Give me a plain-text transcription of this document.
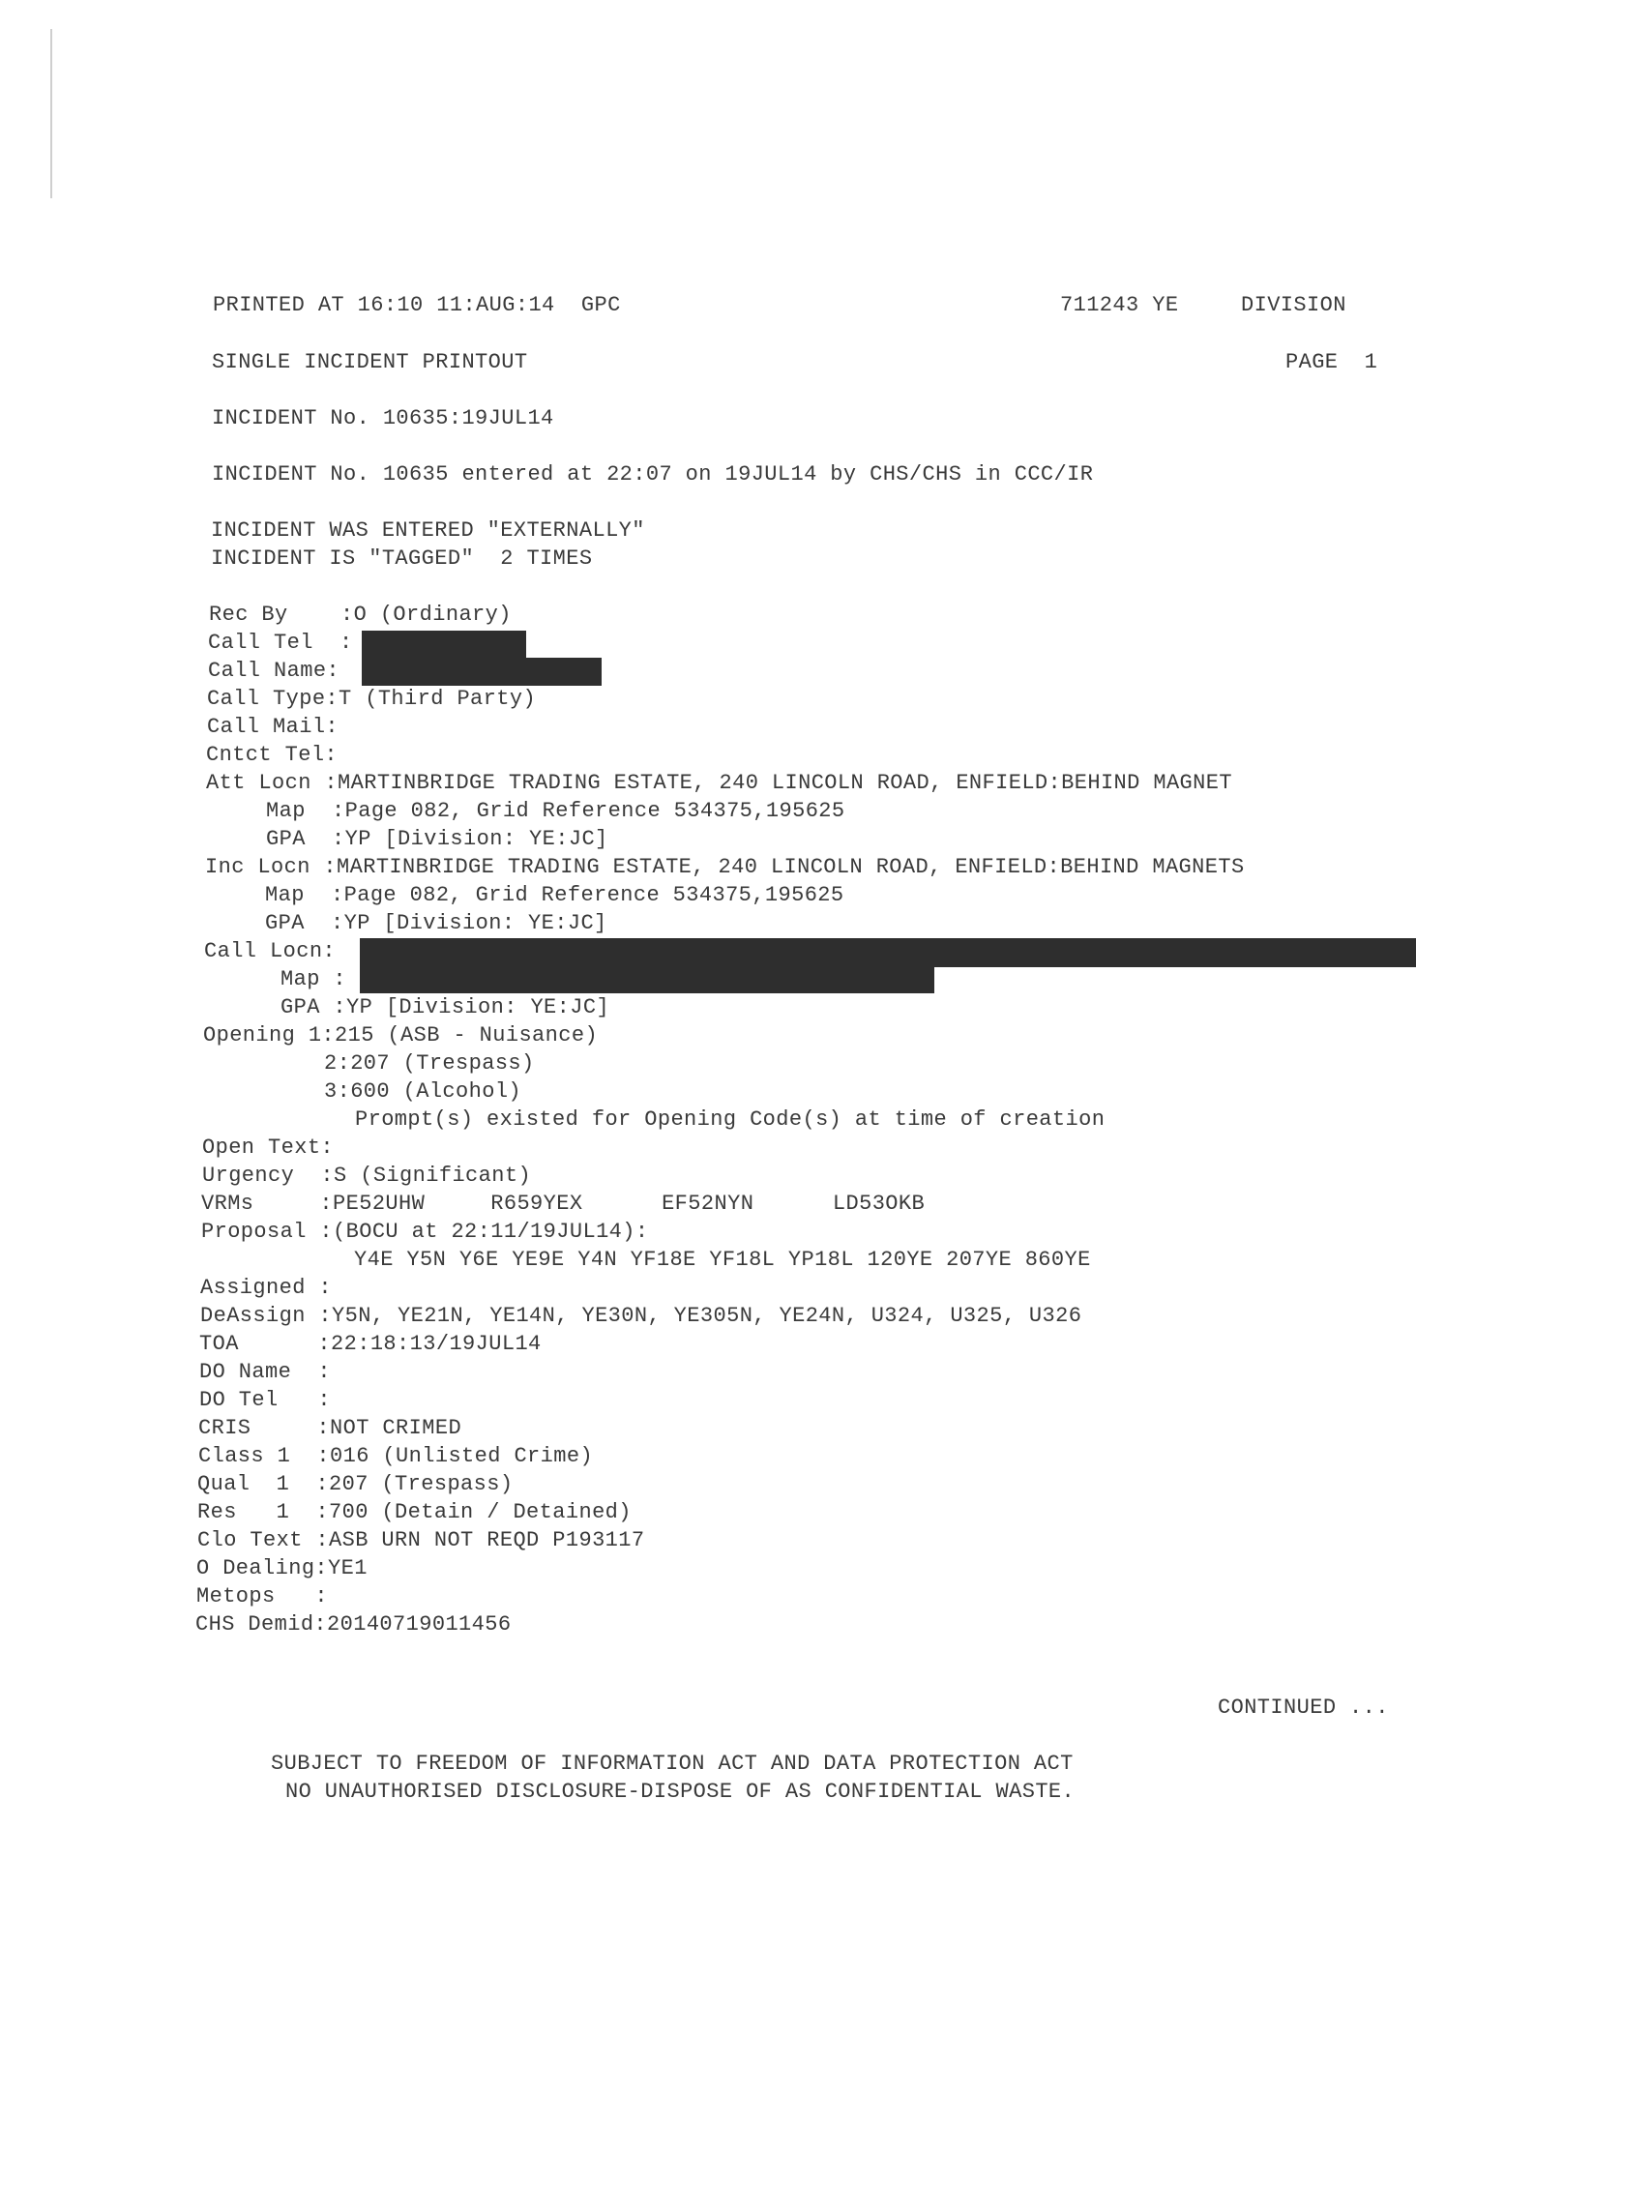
PRINTED AT 16:10 11:AUG:14  GPC	711243 YE	DIVISION
SINGLE INCIDENT PRINTOUT	PAGE  1
INCIDENT No. 10635:19JUL14
INCIDENT No. 10635 entered at 22:07 on 19JUL14 by CHS/CHS in CCC/IR
INCIDENT WAS ENTERED "EXTERNALLY"
INCIDENT IS "TAGGED"  2 TIMES
Rec By    :O (Ordinary)
Call Tel  :
Call Name:
Call Type:T (Third Party)
Call Mail:
Cntct Tel:
Att Locn :MARTINBRIDGE TRADING ESTATE, 240 LINCOLN ROAD, ENFIELD:BEHIND MAGNET
Map  :Page 082, Grid Reference 534375,195625
GPA  :YP [Division: YE:JC]
Inc Locn :MARTINBRIDGE TRADING ESTATE, 240 LINCOLN ROAD, ENFIELD:BEHIND MAGNETS
Map  :Page 082, Grid Reference 534375,195625
GPA  :YP [Division: YE:JC]
Call Locn:
Map :
GPA :YP [Division: YE:JC]
Opening 1:215 (ASB - Nuisance)
2:207 (Trespass)
3:600 (Alcohol)
Prompt(s) existed for Opening Code(s) at time of creation
Open Text:
Urgency  :S (Significant)
VRMs     :PE52UHW     R659YEX      EF52NYN      LD53OKB
Proposal :(BOCU at 22:11/19JUL14):
Y4E Y5N Y6E YE9E Y4N YF18E YF18L YP18L 120YE 207YE 860YE
Assigned :
DeAssign :Y5N, YE21N, YE14N, YE30N, YE305N, YE24N, U324, U325, U326
TOA      :22:18:13/19JUL14
DO Name  :
DO Tel   :
CRIS     :NOT CRIMED
Class 1  :016 (Unlisted Crime)
Qual  1  :207 (Trespass)
Res   1  :700 (Detain / Detained)
Clo Text :ASB URN NOT REQD P193117
O Dealing:YE1
Metops   :
CHS Demid:20140719011456
CONTINUED ...
SUBJECT TO FREEDOM OF INFORMATION ACT AND DATA PROTECTION ACT
NO UNAUTHORISED DISCLOSURE-DISPOSE OF AS CONFIDENTIAL WASTE.
